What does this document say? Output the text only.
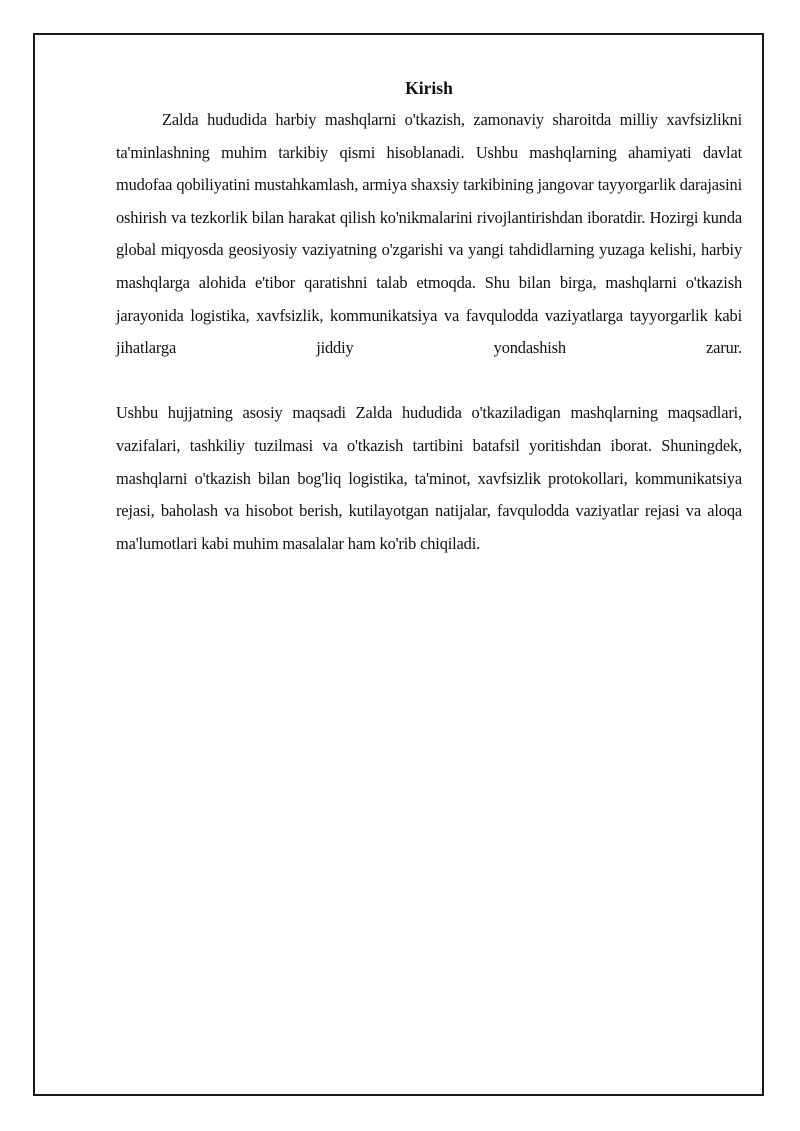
Kirish

Zalda hududida harbiy mashqlarni o'tkazish, zamonaviy sharoitda milliy xavfsizlikni ta'minlashning muhim tarkibiy qismi hisoblanadi. Ushbu mashqlarning ahamiyati davlat mudofaa qobiliyatini mustahkamlash, armiya shaxsiy tarkibining jangovar tayyorgarlik darajasini oshirish va tezkorlik bilan harakat qilish ko'nikmalarini rivojlantirishdan iboratdir. Hozirgi kunda global miqyosda geosiyosiy vaziyatning o'zgarishi va yangi tahdidlarning yuzaga kelishi, harbiy mashqlarga alohida e'tibor qaratishni talab etmoqda. Shu bilan birga, mashqlarni o'tkazish jarayonida logistika, xavfsizlik, kommunikatsiya va favqulodda vaziyatlarga tayyorgarlik kabi jihatlarga jiddiy yondashish zarur.

Ushbu hujjatning asosiy maqsadi Zalda hududida o'tkaziladigan mashqlarning maqsadlari, vazifalari, tashkiliy tuzilmasi va o'tkazish tartibini batafsil yoritishdan iborat. Shuningdek, mashqlarni o'tkazish bilan bog'liq logistika, ta'minot, xavfsizlik protokollari, kommunikatsiya rejasi, baholash va hisobot berish, kutilayotgan natijalar, favqulodda vaziyatlar rejasi va aloqa ma'lumotlari kabi muhim masalalar ham ko'rib chiqiladi.
